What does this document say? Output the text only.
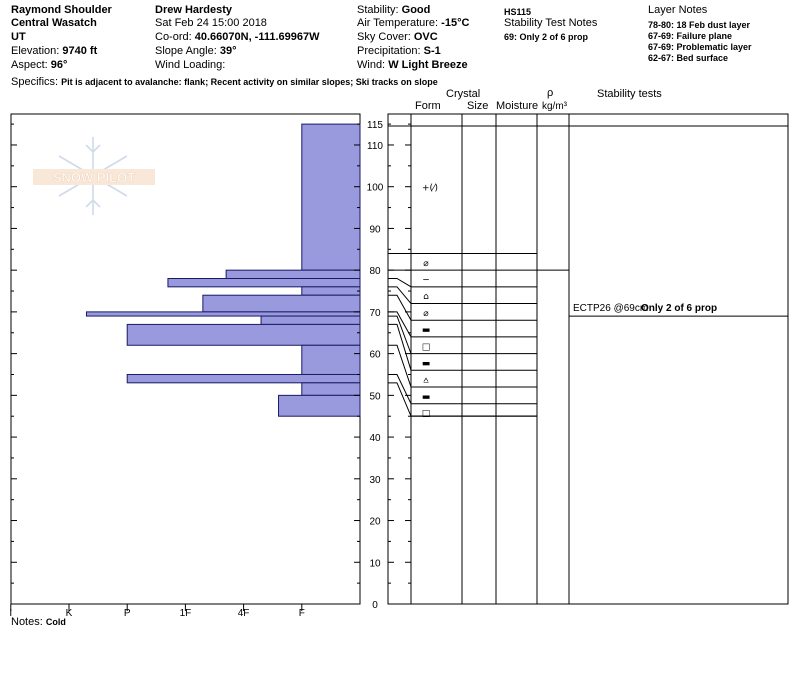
Raymond Shoulder
Central Wasatch
UT
Elevation: 9740 ft
Aspect: 96°
Drew Hardesty
Sat Feb 24 15:00 2018
Co-ord: 40.66070N, -111.69967W
Slope Angle: 39°
Wind Loading:
Stability: Good
Air Temperature: -15°C
Sky Cover: OVC
Precipitation: S-1
Wind: W Light Breeze
HS115
Stability Test Notes
69: Only 2 of 6 prop
Layer Notes
78-80: 18 Feb dust layer
67-69: Failure plane
67-69: Problematic layer
62-67: Bed surface
Specifics: Pit is adjacent to avalanche: flank; Recent activity on similar slopes; Ski tracks on slope
Crystal
Form Size Moisture
ρ
kg/m³
Stability tests
SNOW PILOT
I	K	P	1F	4F	F
0
10
20
30
40
50
60
70
80
90
100
110
115
+(⁄)
⌀
−
⌂
⌀
▬
□
▬
⩟
▬
□
ECTP26 @69cm
Only 2 of 6 prop
Notes: Cold
